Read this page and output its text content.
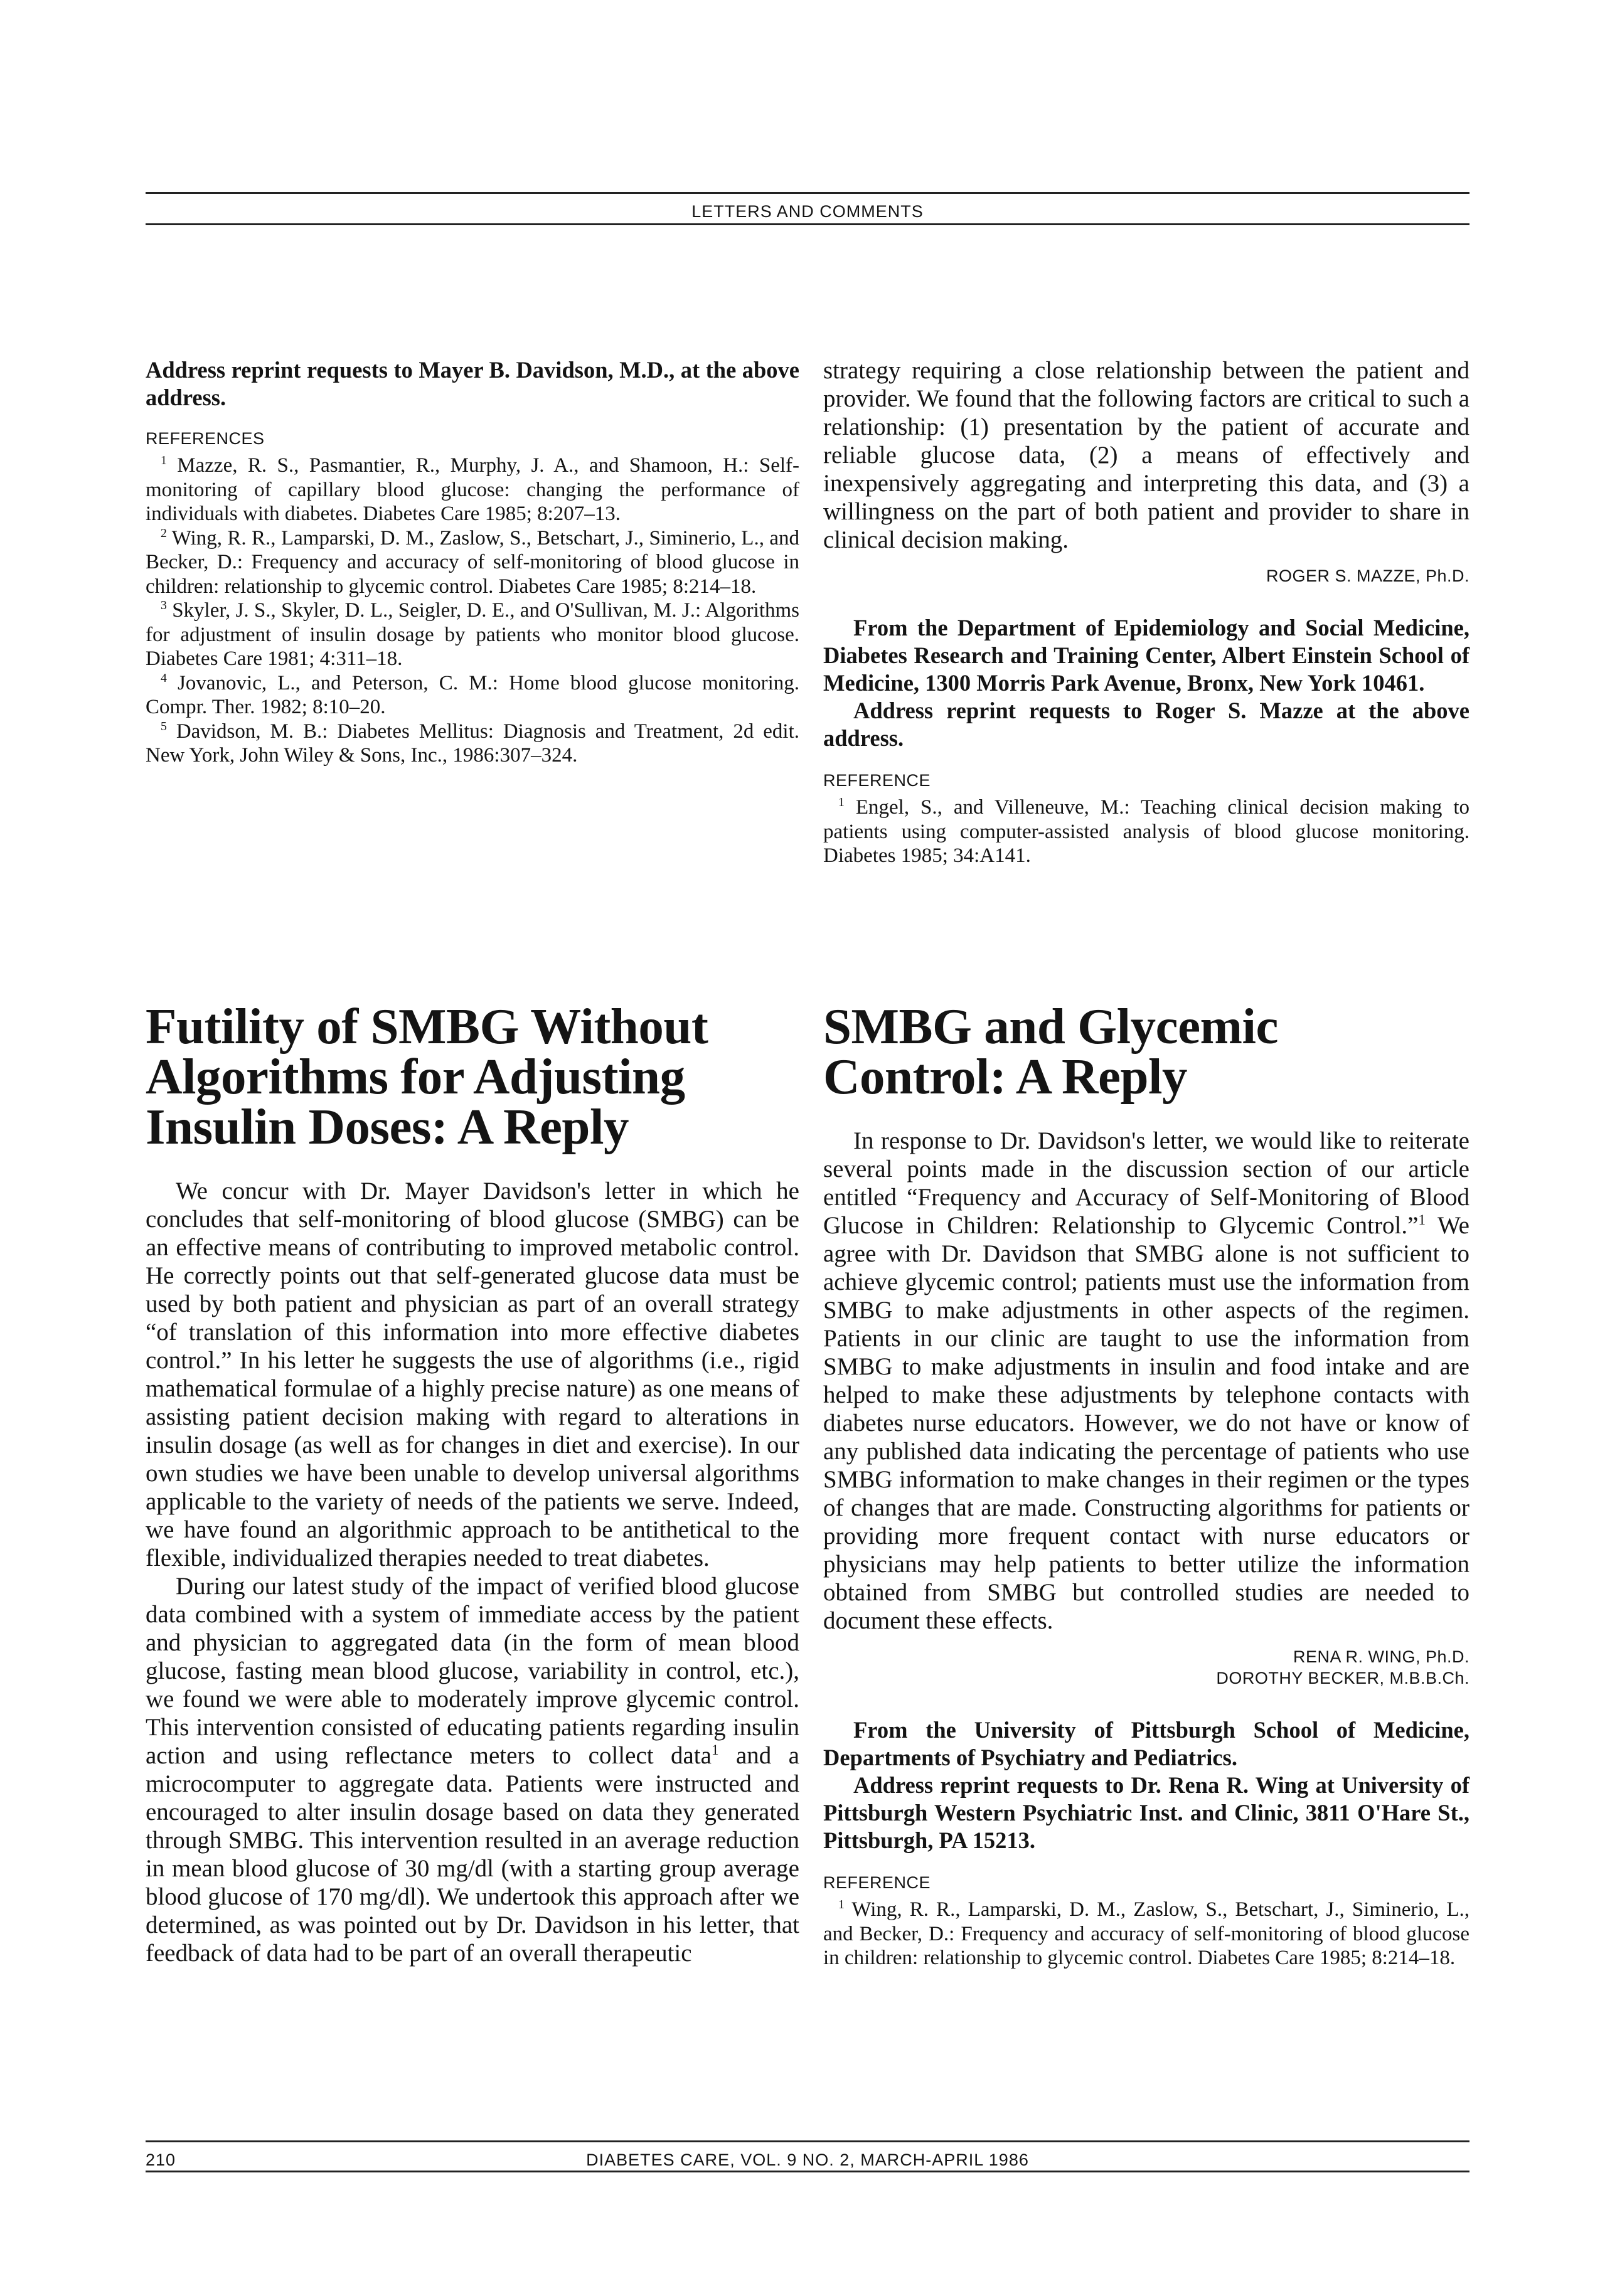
LETTERS AND COMMENTS

Address reprint requests to Mayer B. Davidson, M.D., at the above address.

REFERENCES

$^1$ Mazze, R. S., Pasmantier, R., Murphy, J. A., and Shamoon, H.: Self-monitoring of capillary blood glucose: changing the performance of individuals with diabetes. Diabetes Care 1985; 8:207–13.

$^2$ Wing, R. R., Lamparski, D. M., Zaslow, S., Betschart, J., Siminerio, L., and Becker, D.: Frequency and accuracy of self-monitoring of blood glucose in children: relationship to glycemic control. Diabetes Care 1985; 8:214–18.

$^3$ Skyler, J. S., Skyler, D. L., Seigler, D. E., and O'Sullivan, M. J.: Algorithms for adjustment of insulin dosage by patients who monitor blood glucose. Diabetes Care 1981; 4:311–18.

$^4$ Jovanovic, L., and Peterson, C. M.: Home blood glucose monitoring. Compr. Ther. 1982; 8:10–20.

$^5$ Davidson, M. B.: Diabetes Mellitus: Diagnosis and Treatment, 2d edit. New York, John Wiley & Sons, Inc., 1986:307–324.

Futility of SMBG Without Algorithms for Adjusting Insulin Doses: A Reply

We concur with Dr. Mayer Davidson's letter in which he concludes that self-monitoring of blood glucose (SMBG) can be an effective means of contributing to improved metabolic control. He correctly points out that self-generated glucose data must be used by both patient and physician as part of an overall strategy “of translation of this information into more effective diabetes control.” In his letter he suggests the use of algorithms (i.e., rigid mathematical formulae of a highly precise nature) as one means of assisting patient decision making with regard to alterations in insulin dosage (as well as for changes in diet and exercise). In our own studies we have been unable to develop universal algorithms applicable to the variety of needs of the patients we serve. Indeed, we have found an algorithmic approach to be antithetical to the flexible, individualized therapies needed to treat diabetes.

During our latest study of the impact of verified blood glucose data combined with a system of immediate access by the patient and physician to aggregated data (in the form of mean blood glucose, fasting mean blood glucose, variability in control, etc.), we found we were able to moderately improve glycemic control. This intervention consisted of educating patients regarding insulin action and using reflectance meters to collect data$^1$ and a microcomputer to aggregate data. Patients were instructed and encouraged to alter insulin dosage based on data they generated through SMBG. This intervention resulted in an average reduction in mean blood glucose of 30 mg/dl (with a starting group average blood glucose of 170 mg/dl). We undertook this approach after we determined, as was pointed out by Dr. Davidson in his letter, that feedback of data had to be part of an overall therapeutic

strategy requiring a close relationship between the patient and provider. We found that the following factors are critical to such a relationship: (1) presentation by the patient of accurate and reliable glucose data, (2) a means of effectively and inexpensively aggregating and interpreting this data, and (3) a willingness on the part of both patient and provider to share in clinical decision making.

ROGER S. MAZZE, Ph.D.

From the Department of Epidemiology and Social Medicine, Diabetes Research and Training Center, Albert Einstein School of Medicine, 1300 Morris Park Avenue, Bronx, New York 10461.

Address reprint requests to Roger S. Mazze at the above address.

REFERENCE

$^1$ Engel, S., and Villeneuve, M.: Teaching clinical decision making to patients using computer-assisted analysis of blood glucose monitoring. Diabetes 1985; 34:A141.

SMBG and Glycemic Control: A Reply

In response to Dr. Davidson's letter, we would like to reiterate several points made in the discussion section of our article entitled “Frequency and Accuracy of Self-Monitoring of Blood Glucose in Children: Relationship to Glycemic Control.”$^1$ We agree with Dr. Davidson that SMBG alone is not sufficient to achieve glycemic control; patients must use the information from SMBG to make adjustments in other aspects of the regimen. Patients in our clinic are taught to use the information from SMBG to make adjustments in insulin and food intake and are helped to make these adjustments by telephone contacts with diabetes nurse educators. However, we do not have or know of any published data indicating the percentage of patients who use SMBG information to make changes in their regimen or the types of changes that are made. Constructing algorithms for patients or providing more frequent contact with nurse educators or physicians may help patients to better utilize the information obtained from SMBG but controlled studies are needed to document these effects.

RENA R. WING, Ph.D.
DOROTHY BECKER, M.B.B.Ch.

From the University of Pittsburgh School of Medicine, Departments of Psychiatry and Pediatrics.

Address reprint requests to Dr. Rena R. Wing at University of Pittsburgh Western Psychiatric Inst. and Clinic, 3811 O'Hare St., Pittsburgh, PA 15213.

REFERENCE

$^1$ Wing, R. R., Lamparski, D. M., Zaslow, S., Betschart, J., Siminerio, L., and Becker, D.: Frequency and accuracy of self-monitoring of blood glucose in children: relationship to glycemic control. Diabetes Care 1985; 8:214–18.

DIABETES CARE, VOL. 9 NO. 2, MARCH-APRIL 1986
210
